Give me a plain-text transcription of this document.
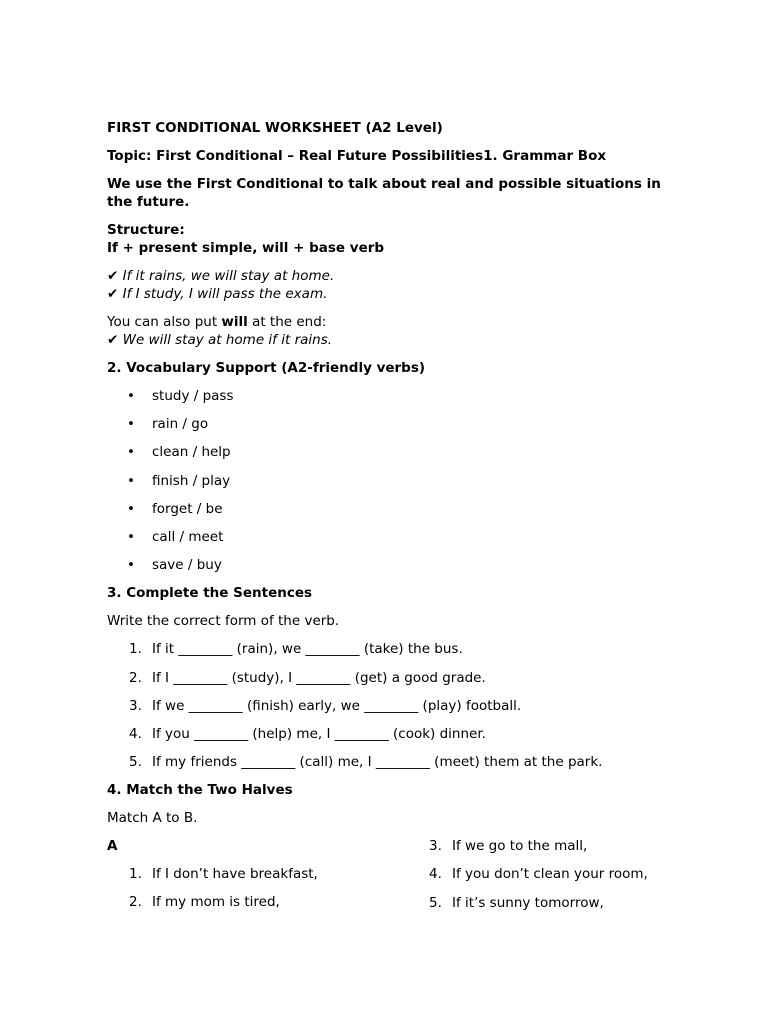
FIRST CONDITIONAL WORKSHEET (A2 Level)

Topic: First Conditional – Real Future Possibilities1. Grammar Box

We use the First Conditional to talk about real and possible situations in the future.

Structure:

If + present simple, will + base verb

✔ If it rains, we will stay at home.

✔ If I study, I will pass the exam.

You can also put will at the end:

✔ We will stay at home if it rains.

2. Vocabulary Support (A2-friendly verbs)

• study / pass
• rain / go
• clean / help
• finish / play
• forget / be
• call / meet
• save / buy

3. Complete the Sentences

Write the correct form of the verb.

1. If it ________ (rain), we ________ (take) the bus.
2. If I ________ (study), I ________ (get) a good grade.
3. If we ________ (finish) early, we ________ (play) football.
4. If you ________ (help) me, I ________ (cook) dinner.
5. If my friends ________ (call) me, I ________ (meet) them at the park.

4. Match the Two Halves

Match A to B.

A

1. If I don’t have breakfast,
2. If my mom is tired,
3. If we go to the mall,
4. If you don’t clean your room,
5. If it’s sunny tomorrow,
